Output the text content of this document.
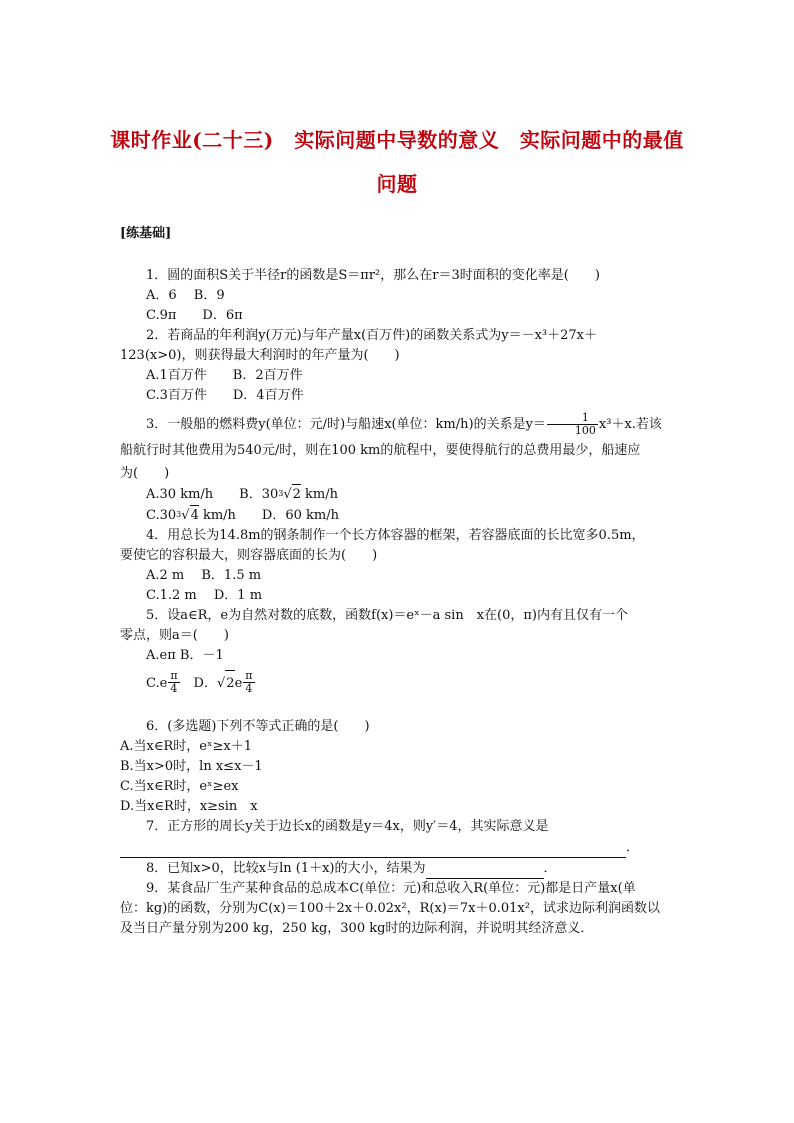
课时作业(二十三)　实际问题中导数的意义　实际问题中的最值问题
[练基础]

1．圆的面积S关于半径r的函数是S＝πr²，那么在r＝3时面积的变化率是(　　)

A．6　 B．9

C.9π　　D．6π

2．若商品的年利润y(万元)与年产量x(百万件)的函数关系式为y＝－x³＋27x＋

123(x>0)，则获得最大利润时的年产量为(　　)

A.1百万件　　B．2百万件

C.3百万件　　D．4百万件

3．一般船的燃料费y(单位：元/时)与船速x(单位：km/h)的关系是$y= \frac{1}{100} x^3+x$.若该

船航行时其他费用为540元/时，则在100 km的航程中，要使得航行的总费用最少，船速应

为(　　)

A.30 km/h　　B．$30^3√2$ km/h

$C.30^3√4$ km/h　　D．60 km/h

4．用总长为14.8m的钢条制作一个长方体容器的框架，若容器底面的长比宽多0.5m，

要使它的容积最大，则容器底面的长为(　　)

A.2 m　 B．1.5 m

C.1.2 m　 D．1 m

5．设a∈R，e为自然对数的底数，函数f(x)＝eˣ－a sin　x在(0，π)内有且仅有一个

零点，则a＝(　　)

A.eπ B．－1

$C.e \frac{\pi}{4}$ 　D．$√2e \frac{\pi}{4}$

6．(多选题)下列不等式正确的是(　　)

A.当x∈R时，eˣ≥x＋1

B.当x>0时，ln x≤x－1

C.当x∈R时，eˣ≥ex

D.当x∈R时，x≥sin　x

7．正方形的周长y关于边长x的函数是y＝4x，则y′＝4，其实际意义是

．

8．已知x>0，比较x与ln (1＋x)的大小，结果为	．

9．某食品厂生产某种食品的总成本C(单位：元)和总收入R(单位：元)都是日产量x(单

位：kg)的函数，分别为C(x)＝100＋2x＋0.02x²，R(x)＝7x＋0.01x²，试求边际利润函数以

及当日产量分别为200 kg，250 kg，300 kg时的边际利润，并说明其经济意义．
